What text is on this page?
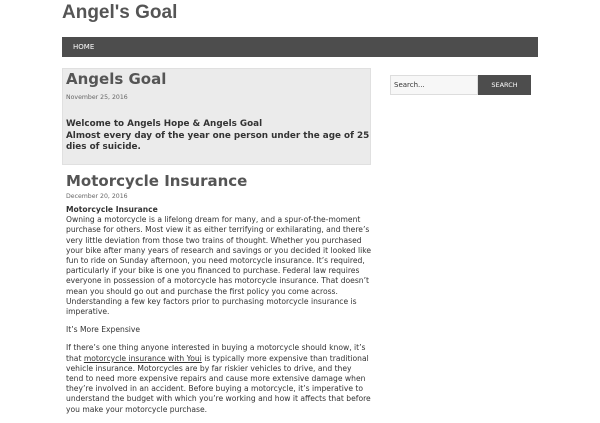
Angel's Goal
HOME
Angels Goal
November 25, 2016
Welcome to Angels Hope & Angels Goal
Almost every day of the year one person under the age of 25 dies of suicide.
Motorcycle Insurance
December 20, 2016

Motorcycle Insurance
Owning a motorcycle is a lifelong dream for many, and a spur-of-the-moment purchase for others. Most view it as either terrifying or exhilarating, and there’s very little deviation from those two trains of thought. Whether you purchased your bike after many years of research and savings or you decided it looked like fun to ride on Sunday afternoon, you need motorcycle insurance. It’s required, particularly if your bike is one you financed to purchase. Federal law requires everyone in possession of a motorcycle has motorcycle insurance. That doesn’t mean you should go out and purchase the first policy you come across. Understanding a few key factors prior to purchasing motorcycle insurance is imperative.

It’s More Expensive

If there’s one thing anyone interested in buying a motorcycle should know, it’s that motorcycle insurance with Youi is typically more expensive than traditional vehicle insurance. Motorcycles are by far riskier vehicles to drive, and they tend to need more expensive repairs and cause more extensive damage when they’re involved in an accident. Before buying a motorcycle, it’s imperative to understand the budget with which you’re working and how it affects that before you make your motorcycle purchase.

Search...	SEARCH
